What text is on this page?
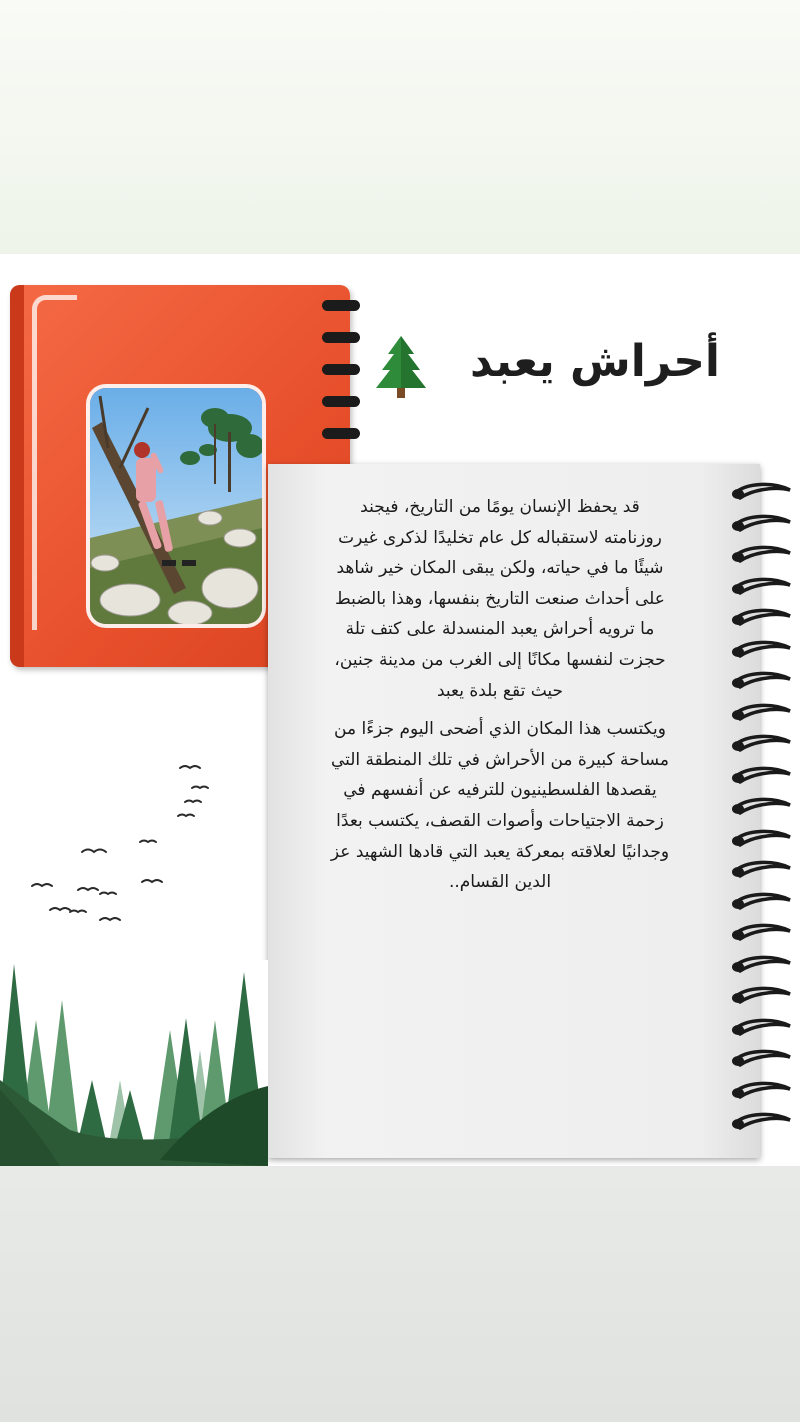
أحراش يعبد

قد يحفظ الإنسان يومًا من التاريخ، فيجند روزنامته لاستقباله كل عام تخليدًا لذكرى غيرت شيئًا ما في حياته، ولكن يبقى المكان خير شاهد على أحداث صنعت التاريخ بنفسها، وهذا بالضبط ما ترويه أحراش يعبد المنسدلة على كتف تلة حجزت لنفسها مكانًا إلى الغرب من مدينة جنين، حيث تقع بلدة يعبد

ويكتسب هذا المكان الذي أضحى اليوم جزءًا من مساحة كبيرة من الأحراش في تلك المنطقة التي يقصدها الفلسطينيون للترفيه عن أنفسهم في زحمة الاجتياحات وأصوات القصف، يكتسب بعدًا وجدانيًا لعلاقته بمعركة يعبد التي قادها الشهيد عز الدين القسام..
